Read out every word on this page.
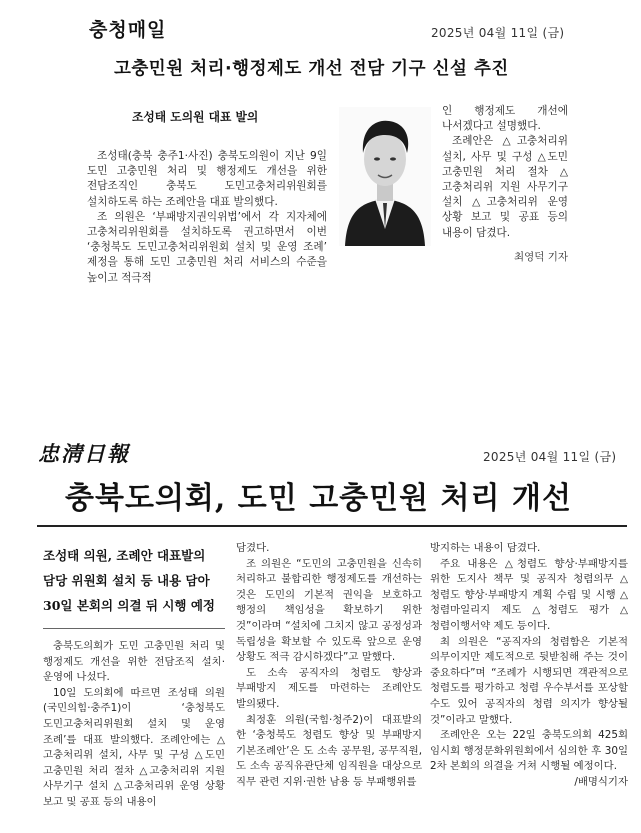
충청매일	2025년 04월 11일 (금)
고충민원 처리·행정제도 개선 전담 기구 신설 추진
조성태 도의원 대표 발의

조성태(충북 충주1·사진) 충북도의원이 지난 9일 도민 고충민원 처리 및 행정제도 개선을 위한 전담조직인 충북도 도민고충처리위원회를 설치하도록 하는 조례안을 대표 발의했다.

조 의원은 ‘부패방지권익위법’에서 각 지자체에 고충처리위원회를 설치하도록 권고하면서 이번 ‘충청북도 도민고충처리위원회 설치 및 운영 조례’ 제정을 통해 도민 고충민원 처리 서비스의 수준을 높이고 적극적

인 행정제도 개선에 나서겠다고 설명했다.

조례안은 △고충처리위 설치, 사무 및 구성 △도민 고충민원 처리 절차 △고충처리위 지원 사무기구 설치 △고충처리위 운영 상황 보고 및 공표 등의 내용이 담겼다.

최영덕 기자
忠淸日報	2025년 04월 11일 (금)
충북도의회, 도민 고충민원 처리 개선
조성태 의원, 조례안 대표발의
담당 위원회 설치 등 내용 담아
30일 본회의 의결 뒤 시행 예정

충북도의회가 도민 고충민원 처리 및 행정제도 개선을 위한 전담조직 설치·운영에 나섰다.

10일 도의회에 따르면 조성태 의원(국민의힘·충주1)이 ‘충청북도 도민고충처리위원회 설치 및 운영 조례’를 대표 발의했다. 조례안에는 △고충처리위 설치, 사무 및 구성 △도민 고충민원 처리 절차 △고충처리위 지원 사무기구 설치 △고충처리위 운영 상황 보고 및 공표 등의 내용이

담겼다.

조 의원은 “도민의 고충민원을 신속히 처리하고 불합리한 행정제도를 개선하는 것은 도민의 기본적 권익을 보호하고 행정의 책임성을 확보하기 위한 것”이라며 “설치에 그치지 않고 공정성과 독립성을 확보할 수 있도록 앞으로 운영 상황도 적극 감시하겠다”고 말했다.

도 소속 공직자의 청렴도 향상과 부패방지 제도를 마련하는 조례안도 발의됐다.

최정훈 의원(국힘·청주2)이 대표발의 한 ‘충청북도 청렴도 향상 및 부패방지 기본조례안’은 도 소속 공무원, 공무직원, 도 소속 공직유관단체 임직원을 대상으로 직무 관련 지위·권한 남용 등 부패행위를

방지하는 내용이 담겼다.

주요 내용은 △청렴도 향상·부패방지를 위한 도지사 책무 및 공직자 청렴의무 △청렴도 향상·부패방지 계획 수립 및 시행 △청렴마일리지 제도 △청렴도 평가 △청렴이행서약 제도 등이다.

최 의원은 “공직자의 청렴함은 기본적 의무이지만 제도적으로 뒷받침해 주는 것이 중요하다”며 “조례가 시행되면 객관적으로 청렴도를 평가하고 청렴 우수부서를 포상할 수도 있어 공직자의 청렴 의지가 향상될 것”이라고 말했다.

조례안은 오는 22일 충북도의회 425회 임시회 행정문화위원회에서 심의한 후 30일 2차 본회의 의결을 거쳐 시행될 예정이다.

/배명식기자
